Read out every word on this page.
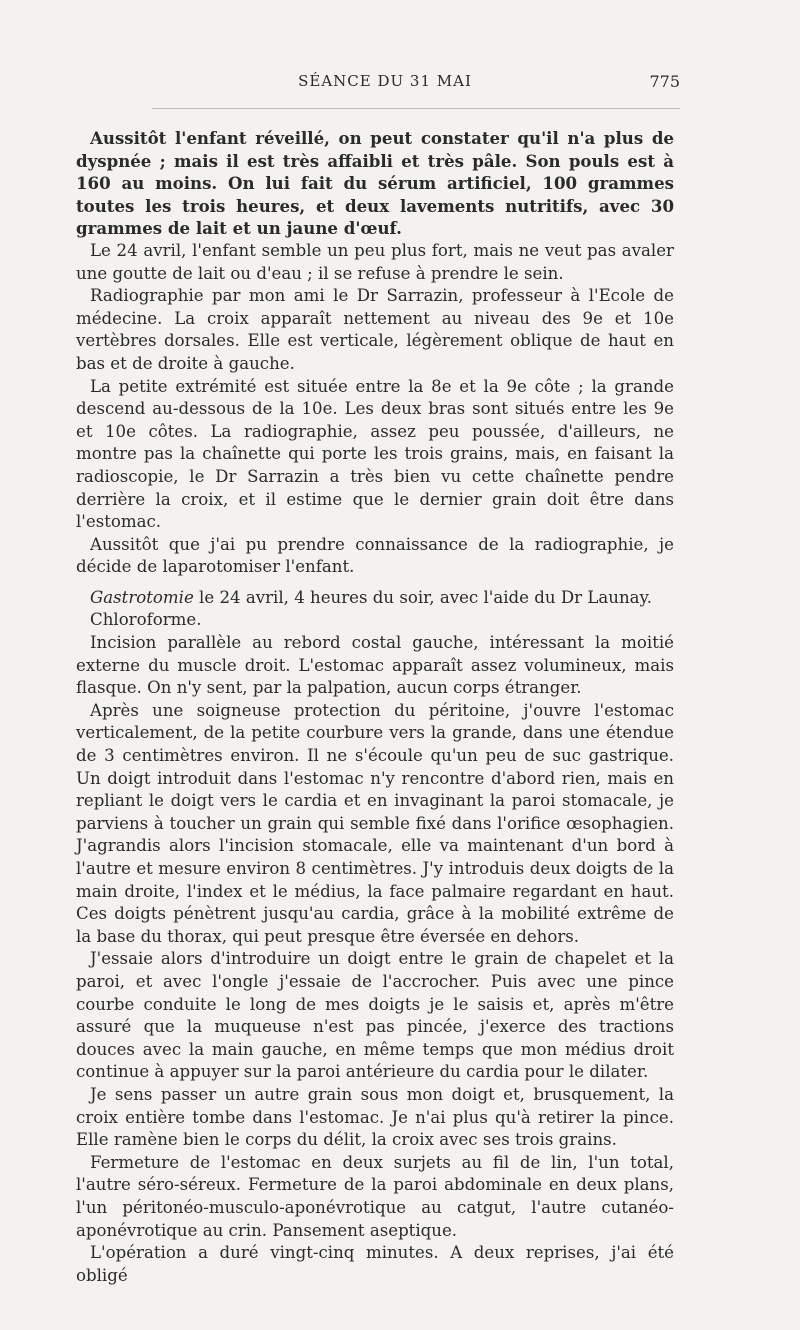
SÉANCE DU 31 MAI	775

Aussitôt l'enfant réveillé, on peut constater qu'il n'a plus de dyspnée ; mais il est très affaibli et très pâle. Son pouls est à 160 au moins. On lui fait du sérum artificiel, 100 grammes toutes les trois heures, et deux lavements nutritifs, avec 30 grammes de lait et un jaune d'œuf.

Le 24 avril, l'enfant semble un peu plus fort, mais ne veut pas avaler une goutte de lait ou d'eau ; il se refuse à prendre le sein.

Radiographie par mon ami le Dr Sarrazin, professeur à l'Ecole de médecine. La croix apparaît nettement au niveau des 9e et 10e vertèbres dorsales. Elle est verticale, légèrement oblique de haut en bas et de droite à gauche.

La petite extrémité est située entre la 8e et la 9e côte ; la grande descend au-dessous de la 10e. Les deux bras sont situés entre les 9e et 10e côtes. La radiographie, assez peu poussée, d'ailleurs, ne montre pas la chaînette qui porte les trois grains, mais, en faisant la radioscopie, le Dr Sarrazin a très bien vu cette chaînette pendre derrière la croix, et il estime que le dernier grain doit être dans l'estomac.

Aussitôt que j'ai pu prendre connaissance de la radiographie, je décide de laparotomiser l'enfant.

Gastrotomie le 24 avril, 4 heures du soir, avec l'aide du Dr Launay.

Chloroforme.

Incision parallèle au rebord costal gauche, intéressant la moitié externe du muscle droit. L'estomac apparaît assez volumineux, mais flasque. On n'y sent, par la palpation, aucun corps étranger.

Après une soigneuse protection du péritoine, j'ouvre l'estomac verticalement, de la petite courbure vers la grande, dans une étendue de 3 centimètres environ. Il ne s'écoule qu'un peu de suc gastrique. Un doigt introduit dans l'estomac n'y rencontre d'abord rien, mais en repliant le doigt vers le cardia et en invaginant la paroi stomacale, je parviens à toucher un grain qui semble fixé dans l'orifice œsophagien. J'agrandis alors l'incision stomacale, elle va maintenant d'un bord à l'autre et mesure environ 8 centimètres. J'y introduis deux doigts de la main droite, l'index et le médius, la face palmaire regardant en haut. Ces doigts pénètrent jusqu'au cardia, grâce à la mobilité extrême de la base du thorax, qui peut presque être éversée en dehors.

J'essaie alors d'introduire un doigt entre le grain de chapelet et la paroi, et avec l'ongle j'essaie de l'accrocher. Puis avec une pince courbe conduite le long de mes doigts je le saisis et, après m'être assuré que la muqueuse n'est pas pincée, j'exerce des tractions douces avec la main gauche, en même temps que mon médius droit continue à appuyer sur la paroi antérieure du cardia pour le dilater.

Je sens passer un autre grain sous mon doigt et, brusquement, la croix entière tombe dans l'estomac. Je n'ai plus qu'à retirer la pince. Elle ramène bien le corps du délit, la croix avec ses trois grains.

Fermeture de l'estomac en deux surjets au fil de lin, l'un total, l'autre séro-séreux. Fermeture de la paroi abdominale en deux plans, l'un péritonéo-musculo-aponévrotique au catgut, l'autre cutanéo-aponévrotique au crin. Pansement aseptique.

L'opération a duré vingt-cinq minutes. A deux reprises, j'ai été obligé
